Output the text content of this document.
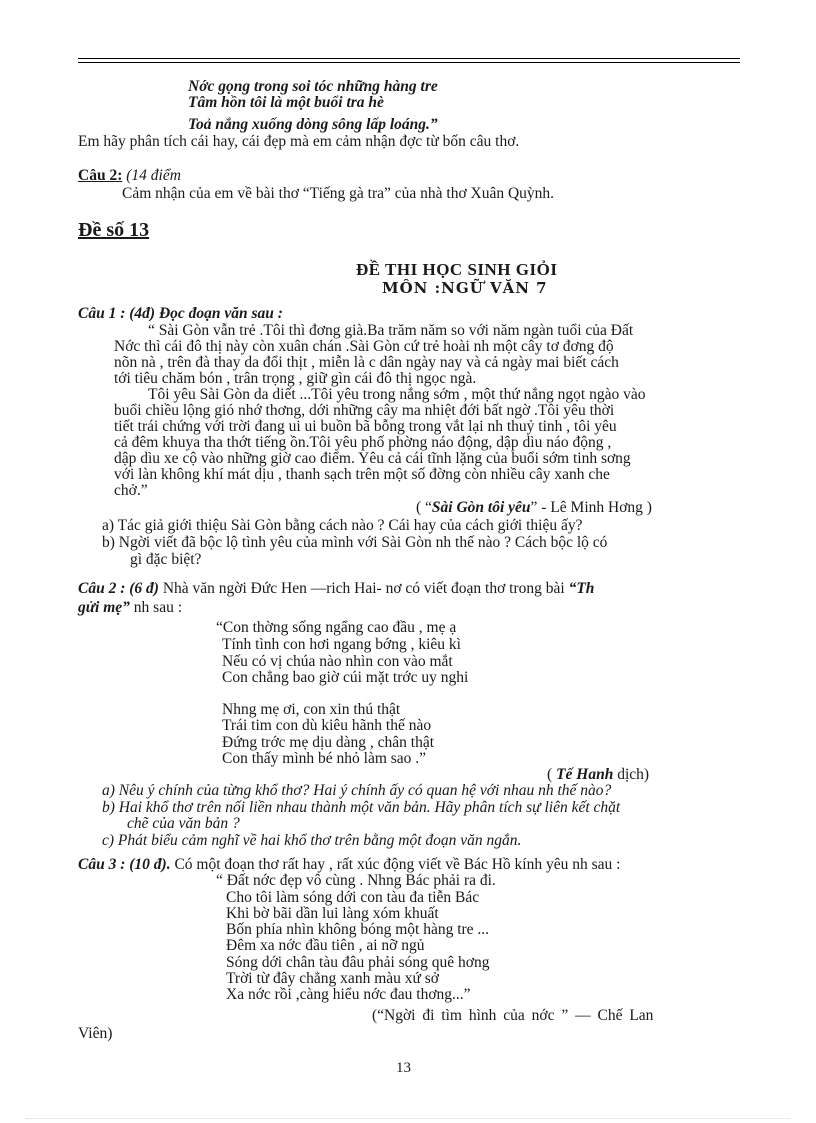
Nớc gọng trong soi tóc những hàng tre
Tâm hồn tôi là một buổi tra hè
Toả nắng xuống dòng sông lấp loáng.”
Em hãy phân tích cái hay, cái đẹp mà em cảm nhận đợc từ bốn câu thơ.
Câu 2: (14 điểm
Cảm nhận của em về bài thơ “Tiếng gà tra” của nhà thơ Xuân Quỳnh.
Đề số 13
ĐỀ THI HỌC SINH GIỎI
MÔN :NGỮ VĂN 7
Câu 1 : (4đ) Đọc đoạn văn sau :
“ Sài Gòn vẫn trẻ .Tôi thì đơng già.Ba trăm năm so với năm ngàn tuổi của Đất
Nớc thì cái đô thị này còn xuân chán .Sài Gòn cứ trẻ hoài nh một cây tơ đơng độ
nõn nà , trên đà thay da đổi thịt , miễn là c dân ngày nay và cả ngày mai biết cách
tới tiêu chăm bón , trân trọng , giữ gìn cái đô thị ngọc ngà.
Tôi yêu Sài Gòn da diết ...Tôi yêu trong nắng sớm , một thứ nắng ngọt ngào vào
buổi chiều lộng gió nhớ thơng, dới những cây ma nhiệt đới bất ngờ .Tôi yêu thời
tiết trái chứng với trời đang ui ui buồn bã bỗng trong vắt lại nh thuỷ tinh , tôi yêu
cả đêm khuya tha thớt tiếng ồn.Tôi yêu phố phờng náo động, dập dìu náo động ,
dập dìu xe cộ vào những giờ cao điểm. Yêu cả cái tĩnh lặng của buổi sớm tinh sơng
với làn không khí mát dịu , thanh sạch trên một số đờng còn nhiều cây xanh che
chở.”
( “Sài Gòn tôi yêu” - Lê Minh Hơng )
a) Tác giả giới thiệu Sài Gòn bằng cách nào ? Cái hay của cách giới thiệu ấy?
b) Ngời viết đã bộc lộ tình yêu của mình với Sài Gòn nh thế nào ? Cách bộc lộ có
gì đặc biệt?
Câu 2 : (6 đ) Nhà văn ngời Đức Hen —rich Hai- nơ có viết đoạn thơ trong bài “Th
gửi mẹ” nh sau :
“Con thờng sống ngẩng cao đầu , mẹ ạ
Tính tình con hơi ngang bớng , kiêu kì
Nếu có vị chúa nào nhìn con vào mắt
Con chẳng bao giờ cúi mặt trớc uy nghi
Nhng mẹ ơi, con xin thú thật
Trái tim con dù kiêu hãnh thế nào
Đứng trớc mẹ dịu dàng , chân thật
Con thấy mình bé nhỏ làm sao .”
( Tế Hanh dịch)
a) Nêu ý chính của từng khổ thơ? Hai ý chính ấy có quan hệ với nhau nh thế nào?
b) Hai khổ thơ trên nối liền nhau thành một văn bản. Hãy phân tích sự liên kết chặt
chẽ của văn bản ?
c) Phát biểu cảm nghĩ về hai khổ thơ trên bằng một đoạn văn ngắn.
Câu 3 : (10 đ). Có một đoạn thơ rất hay , rất xúc động viết về Bác Hồ kính yêu nh sau :
“ Đất nớc đẹp vô cùng . Nhng Bác phải ra đi.
Cho tôi làm sóng dới con tàu đa tiễn Bác
Khi bờ bãi dần lui làng xóm khuất
Bốn phía nhìn không bóng một hàng tre ...
Đêm xa nớc đầu tiên , ai nỡ ngủ
Sóng dới chân tàu đâu phải sóng quê hơng
Trời từ đây chẳng xanh màu xứ sở
Xa nớc rồi ,càng hiểu nớc đau thơng...”
(“Ngời đi tìm hình của nớc ” — Chế Lan
Viên)
13
